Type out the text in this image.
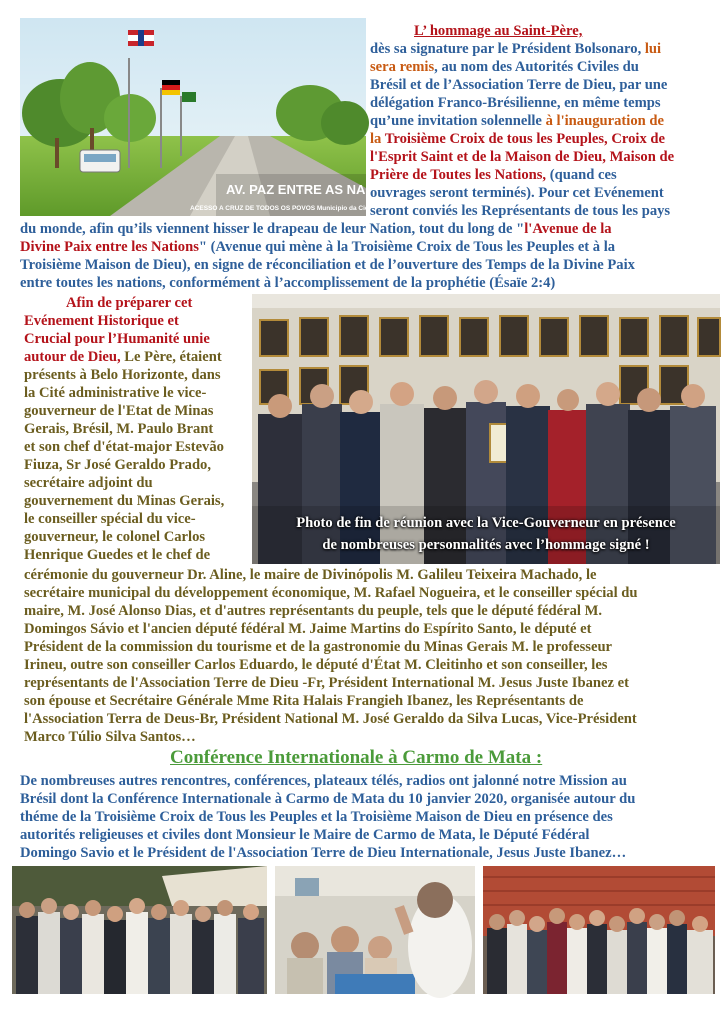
AV. PAZ ENTRE AS NAÇÕES
ACESSO A CRUZ DE TODOS OS POVOS Municipio da Cidade
L’ hommage au Saint-Père,
dès sa signature par le Président Bolsonaro, lui
sera remis, au nom des Autorités Civiles du
Brésil et de l’Association Terre de Dieu, par une
délégation Franco-Brésilienne, en même temps
qu’une invitation solennelle à l'inauguration de
la Troisième Croix de tous les Peuples, Croix de
l'Esprit Saint et de la Maison de Dieu, Maison de
Prière de Toutes les Nations, (quand ces
ouvrages seront terminés). Pour cet Evénement
seront conviés les Représentants de tous les pays
du monde, afin qu’ils viennent hisser le drapeau de leur Nation, tout du long de "l'Avenue de la
Divine Paix entre les Nations" (Avenue qui mène à la Troisième Croix de Tous les Peuples et à la
Troisième Maison de Dieu), en signe de réconciliation et de l’ouverture des Temps de la Divine Paix
entre toutes les nations, conformément à l’accomplissement de la prophétie (Ésaïe 2:4)
Photo de fin de réunion avec la Vice-Gouverneur en présence
de nombreuses personnalités avec l’hommage signé !
Afin de préparer cet
Evénement Historique et
Crucial pour l’Humanité unie
autour de Dieu, Le Père, étaient
présents à Belo Horizonte, dans
la Cité administrative le vice-
gouverneur de l'Etat de Minas
Gerais, Brésil, M. Paulo Brant
et son chef d'état-major Estevão
Fiuza, Sr José Geraldo Prado,
secrétaire adjoint du
gouvernement du Minas Gerais,
le conseiller spécial du vice-
gouverneur, le colonel Carlos
Henrique Guedes et le chef de
cérémonie du gouverneur Dr. Aline, le maire de Divinópolis M. Galileu Teixeira Machado, le
secrétaire municipal du développement économique, M. Rafael Nogueira, et le conseiller spécial du
maire, M. José Alonso Dias, et d'autres représentants du peuple, tels que le député fédéral M.
Domingos Sávio et l'ancien député fédéral M. Jaime Martins do Espírito Santo, le député et
Président de la commission du tourisme et de la gastronomie du Minas Gerais M. le professeur
Irineu, outre son conseiller Carlos Eduardo, le député d'État M. Cleitinho et son conseiller, les
représentants de l'Association Terre de Dieu -Fr, Président International M. Jesus Juste Ibanez et
son épouse et Secrétaire Générale Mme Rita Halais Frangieh Ibanez, les Représentants de
l'Association Terra de Deus-Br, Président National M. José Geraldo da Silva Lucas, Vice-Président
Marco Túlio Silva Santos…
Conférence Internationale à Carmo de Mata :
De nombreuses autres rencontres, conférences, plateaux télés, radios ont jalonné notre Mission au
Brésil dont la Conférence Internationale à Carmo de Mata du 10 janvier 2020, organisée autour du
théme de la Troisième Croix de Tous les Peuples et la Troisième Maison de Dieu en présence des
autorités religieuses et civiles dont Monsieur le Maire de Carmo de Mata, le Député Fédéral
Domingo Savio et le Président de l'Association Terre de Dieu Internationale, Jesus Juste Ibanez…
